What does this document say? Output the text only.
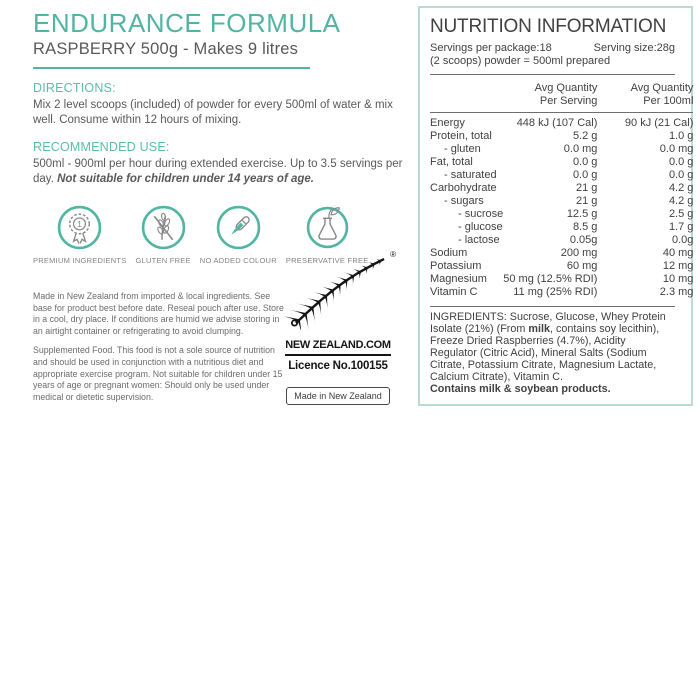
ENDURANCE FORMULA
RASPBERRY 500g - Makes 9 litres
DIRECTIONS:
Mix 2 level scoops (included) of powder for every 500ml of water & mix well. Consume within 12 hours of mixing.
RECOMMENDED USE:
500ml - 900ml per hour during extended exercise. Up to 3.5 servings per day. Not suitable for children under 14 years of age.
1
PREMIUM INGREDIENTS GLUTEN FREE NO ADDED COLOUR PRESERVATIVE FREE

Made in New Zealand from imported & local ingredients. See base for product best before date. Reseal pouch after use. Store in a cool, dry place. If conditions are humid we advise storing in an airtight container or refrigerating to avoid clumping.

Supplemented Food. This food is not a sole source of nutrition and should be used in conjunction with a nutritious diet and appropriate exercise program. Not suitable for children under 15 years of age or pregnant women: Should only be used under medical or dietetic supervision.

®
NEW ZEALAND.COM
Licence No.100155
Made in New Zealand
NUTRITION INFORMATION
Servings per package:18	Serving size:28g
(2 scoops) powder = 500ml prepared
Avg Quantity
Per Serving
Avg Quantity
Per 100ml
Energy	448 kJ (107 Cal)	90 kJ (21 Cal)
Protein, total	5.2 g	1.0 g
- gluten	0.0 mg	0.0 mg
Fat, total	0.0 g	0.0 g
- saturated	0.0 g	0.0 g
Carbohydrate	21 g	4.2 g
- sugars	21 g	4.2 g
- sucrose	12.5 g	2.5 g
- glucose	8.5 g	1.7 g
- lactose	0.05g	0.0g
Sodium	200 mg	40 mg
Potassium	60 mg	12 mg
Magnesium	50 mg (12.5% RDI)	10 mg
Vitamin C	11 mg (25% RDI)	2.3 mg
INGREDIENTS: Sucrose, Glucose, Whey Protein Isolate (21%) (From milk, contains soy lecithin), Freeze Dried Raspberries (4.7%), Acidity Regulator (Citric Acid), Mineral Salts (Sodium Citrate, Potassium Citrate, Magnesium Lactate, Calcium Citrate), Vitamin C.
Contains milk & soybean products.
